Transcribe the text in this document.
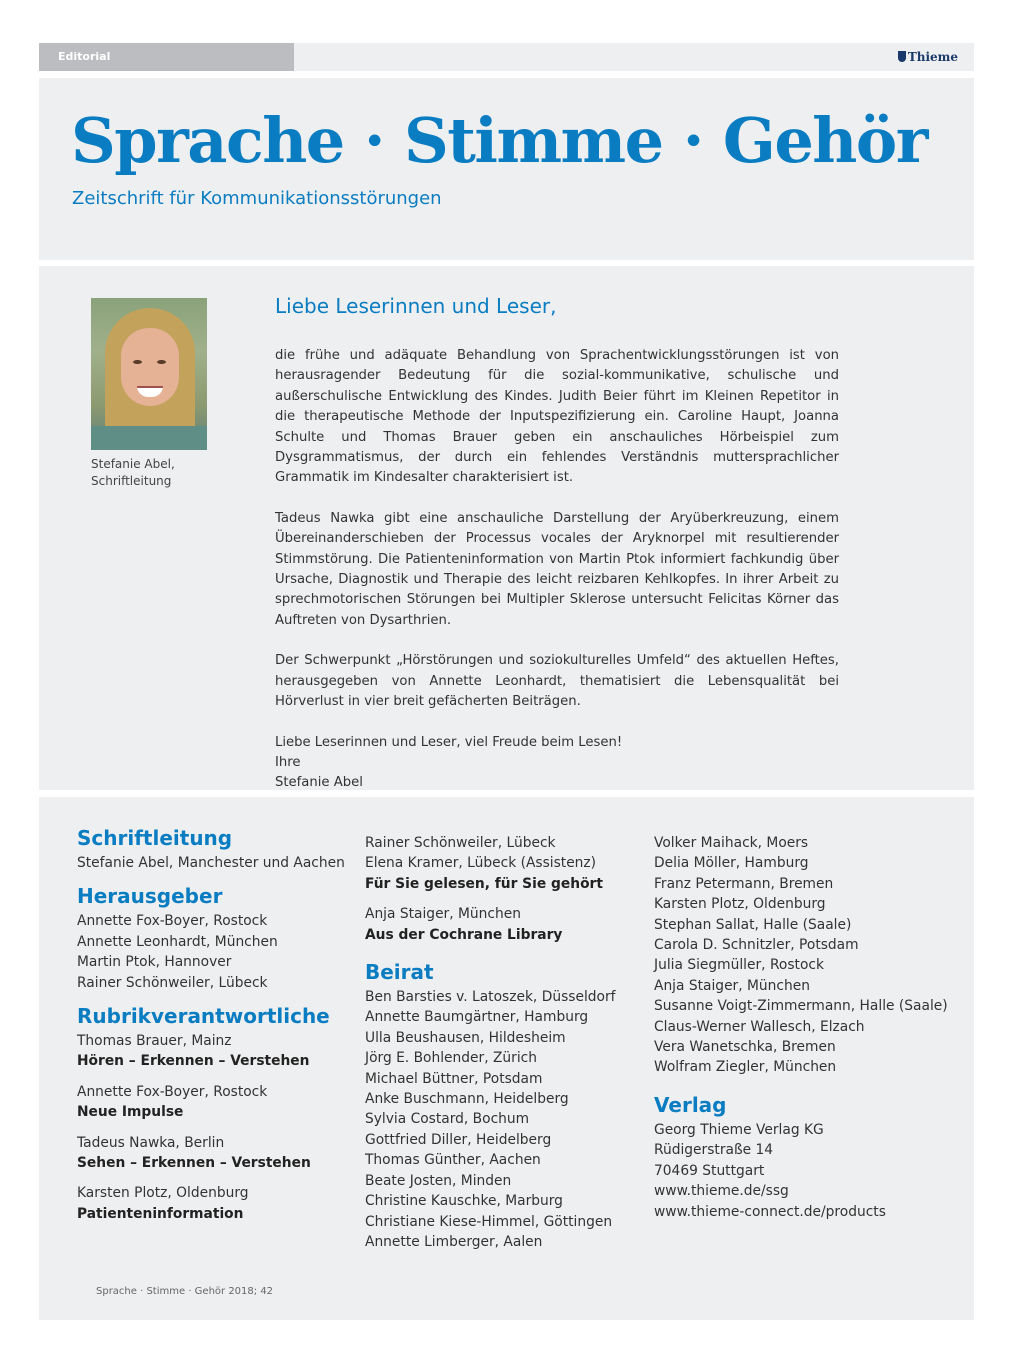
Editorial	Thieme
Sprache · Stimme · Gehör
Zeitschrift für Kommunikationsstörungen
Stefanie Abel,
Schriftleitung
Liebe Leserinnen und Leser,

die frühe und adäquate Behandlung von Sprachentwicklungsstörungen ist von herausragender Bedeutung für die sozial-kommunikative, schulische und außerschulische Entwicklung des Kindes. Judith Beier führt im Kleinen Repetitor in die therapeutische Methode der Inputspezifizierung ein. Caroline Haupt, Joanna Schulte und Thomas Brauer geben ein anschauliches Hörbeispiel zum Dysgrammatismus, der durch ein fehlendes Verständnis muttersprachlicher Grammatik im Kindesalter charakterisiert ist.

Tadeus Nawka gibt eine anschauliche Darstellung der Aryüberkreuzung, einem Übereinanderschieben der Processus vocales der Aryknorpel mit resultierender Stimmstörung. Die Patienteninformation von Martin Ptok informiert fachkundig über Ursache, Diagnostik und Therapie des leicht reizbaren Kehlkopfes. In ihrer Arbeit zu sprechmotorischen Störungen bei Multipler Sklerose untersucht Felicitas Körner das Auftreten von Dysarthrien.

Der Schwerpunkt „Hörstörungen und soziokulturelles Umfeld“ des aktuellen Heftes, herausgegeben von Annette Leonhardt, thematisiert die Lebensqualität bei Hörverlust in vier breit gefächerten Beiträgen.

Liebe Leserinnen und Leser, viel Freude beim Lesen!
Ihre
Stefanie Abel
Schriftleitung
Stefanie Abel, Manchester und Aachen
Herausgeber
Annette Fox-Boyer, Rostock
Annette Leonhardt, München
Martin Ptok, Hannover
Rainer Schönweiler, Lübeck
Rubrikverantwortliche
Thomas Brauer, Mainz
Hören – Erkennen – Verstehen
Annette Fox-Boyer, Rostock
Neue Impulse
Tadeus Nawka, Berlin
Sehen – Erkennen – Verstehen
Karsten Plotz, Oldenburg
Patienteninformation
Rainer Schönweiler, Lübeck
Elena Kramer, Lübeck (Assistenz)
Für Sie gelesen, für Sie gehört
Anja Staiger, München
Aus der Cochrane Library
Beirat
Ben Barsties v. Latoszek, Düsseldorf
Annette Baumgärtner, Hamburg
Ulla Beushausen, Hildesheim
Jörg E. Bohlender, Zürich
Michael Büttner, Potsdam
Anke Buschmann, Heidelberg
Sylvia Costard, Bochum
Gottfried Diller, Heidelberg
Thomas Günther, Aachen
Beate Josten, Minden
Christine Kauschke, Marburg
Christiane Kiese-Himmel, Göttingen
Annette Limberger, Aalen
Volker Maihack, Moers
Delia Möller, Hamburg
Franz Petermann, Bremen
Karsten Plotz, Oldenburg
Stephan Sallat, Halle (Saale)
Carola D. Schnitzler, Potsdam
Julia Siegmüller, Rostock
Anja Staiger, München
Susanne Voigt-Zimmermann, Halle (Saale)
Claus-Werner Wallesch, Elzach
Vera Wanetschka, Bremen
Wolfram Ziegler, München
Verlag
Georg Thieme Verlag KG
Rüdigerstraße 14
70469 Stuttgart
www.thieme.de/ssg
www.thieme-connect.de/products
Sprache · Stimme · Gehör 2018; 42
